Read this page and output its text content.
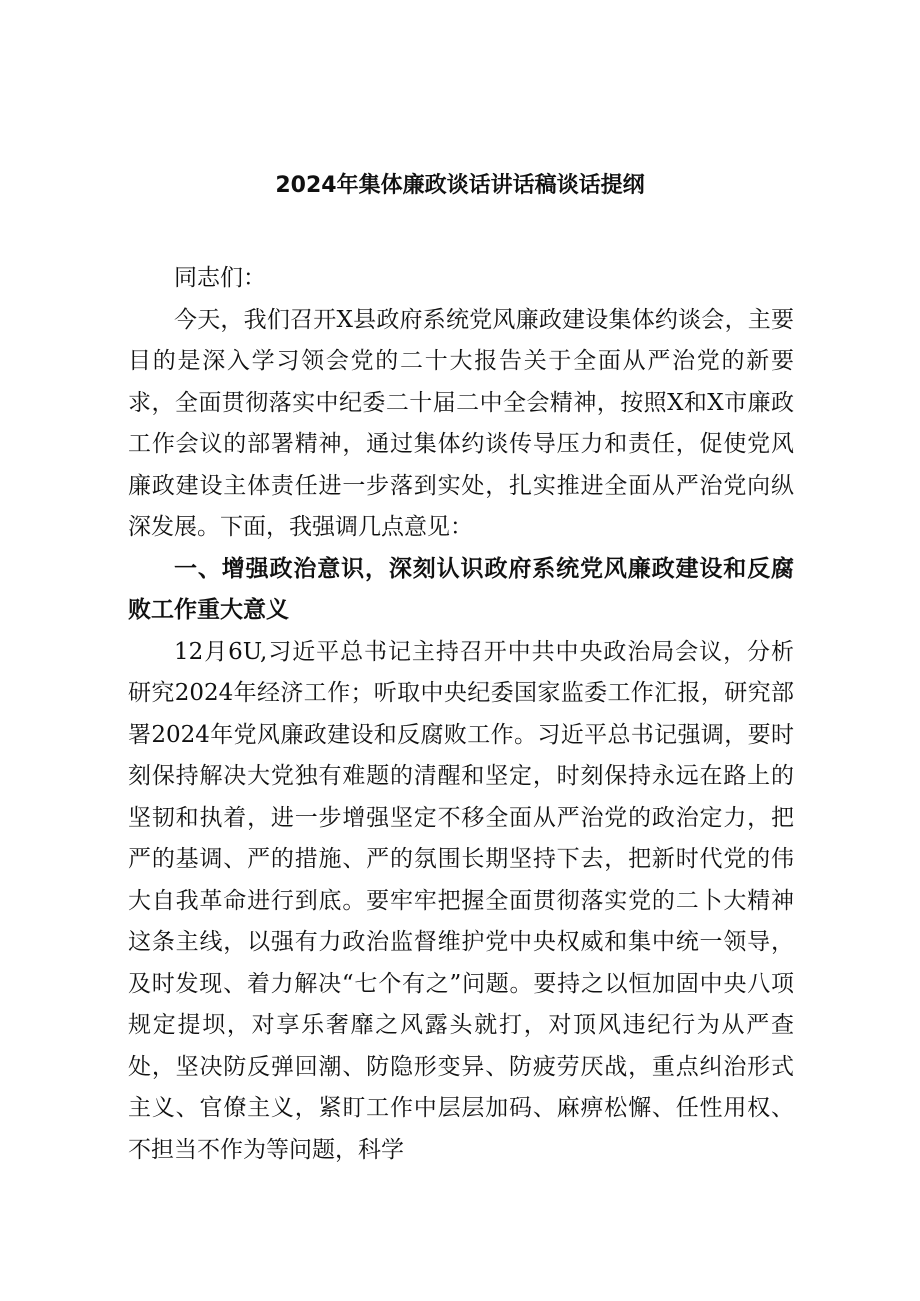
2024年集体廉政谈话讲话稿谈话提纲

同志们：

今天，我们召开X县政府系统党风廉政建设集体约谈会，主要目的是深入学习领会党的二十大报告关于全面从严治党的新要求，全面贯彻落实中纪委二十届二中全会精神，按照X和X市廉政工作会议的部署精神，通过集体约谈传导压力和责任，促使党风廉政建设主体责任进一步落到实处，扎实推进全面从严治党向纵深发展。下面，我强调几点意见：

一、增强政治意识，深刻认识政府系统党风廉政建设和反腐败工作重大意义

12月6U,习近平总书记主持召开中共中央政治局会议，分析研究2024年经济工作；听取中央纪委国家监委工作汇报，研究部署2024年党风廉政建设和反腐败工作。习近平总书记强调，要时刻保持解决大党独有难题的清醒和坚定，时刻保持永远在路上的坚韧和执着，进一步增强坚定不移全面从严治党的政治定力，把严的基调、严的措施、严的氛围长期坚持下去，把新时代党的伟大自我革命进行到底。要牢牢把握全面贯彻落实党的二卜大精神这条主线，以强有力政治监督维护党中央权威和集中统一领导，及时发现、着力解决“七个有之”问题。要持之以恒加固中央八项规定提坝，对享乐奢靡之风露头就打，对顶风违纪行为从严查处，坚决防反弹回潮、防隐形变异、防疲劳厌战，重点纠治形式主义、官僚主义，紧盯工作中层层加码、麻痹松懈、任性用权、不担当不作为等问题，科学
